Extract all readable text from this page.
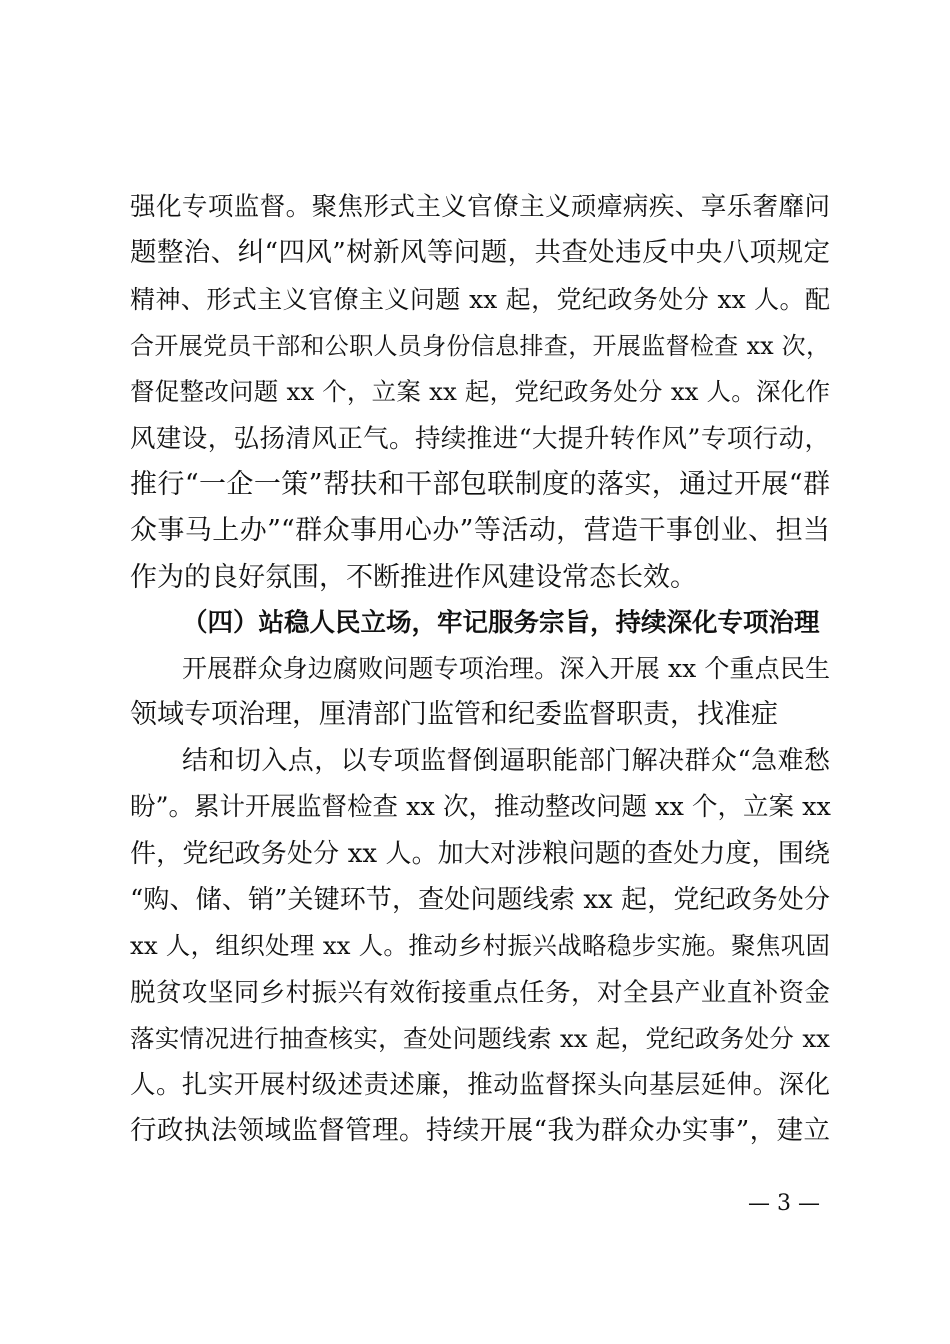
强化专项监督。聚焦形式主义官僚主义顽瘴病疾、享乐奢靡问
题整治、纠“四风”树新风等问题，共查处违反中央八项规定
精神、形式主义官僚主义问题 xx 起，党纪政务处分 xx 人。配
合开展党员干部和公职人员身份信息排查，开展监督检查 xx 次，
督促整改问题 xx 个，立案 xx 起，党纪政务处分 xx 人。深化作
风建设，弘扬清风正气。持续推进“大提升转作风”专项行动，
推行“一企一策”帮扶和干部包联制度的落实，通过开展“群
众事马上办”“群众事用心办”等活动，营造干事创业、担当
作为的良好氛围，不断推进作风建设常态长效。
（四）站稳人民立场，牢记服务宗旨，持续深化专项治理
开展群众身边腐败问题专项治理。深入开展 xx 个重点民生
领域专项治理，厘清部门监管和纪委监督职责，找准症
结和切入点，以专项监督倒逼职能部门解决群众“急难愁
盼”。累计开展监督检查 xx 次，推动整改问题 xx 个，立案 xx
件，党纪政务处分 xx 人。加大对涉粮问题的查处力度，围绕
“购、储、销”关键环节，查处问题线索 xx 起，党纪政务处分
xx 人，组织处理 xx 人。推动乡村振兴战略稳步实施。聚焦巩固
脱贫攻坚同乡村振兴有效衔接重点任务，对全县产业直补资金
落实情况进行抽查核实，查处问题线索 xx 起，党纪政务处分 xx
人。扎实开展村级述责述廉，推动监督探头向基层延伸。深化
行政执法领域监督管理。持续开展“我为群众办实事”，建立
— 3 —
